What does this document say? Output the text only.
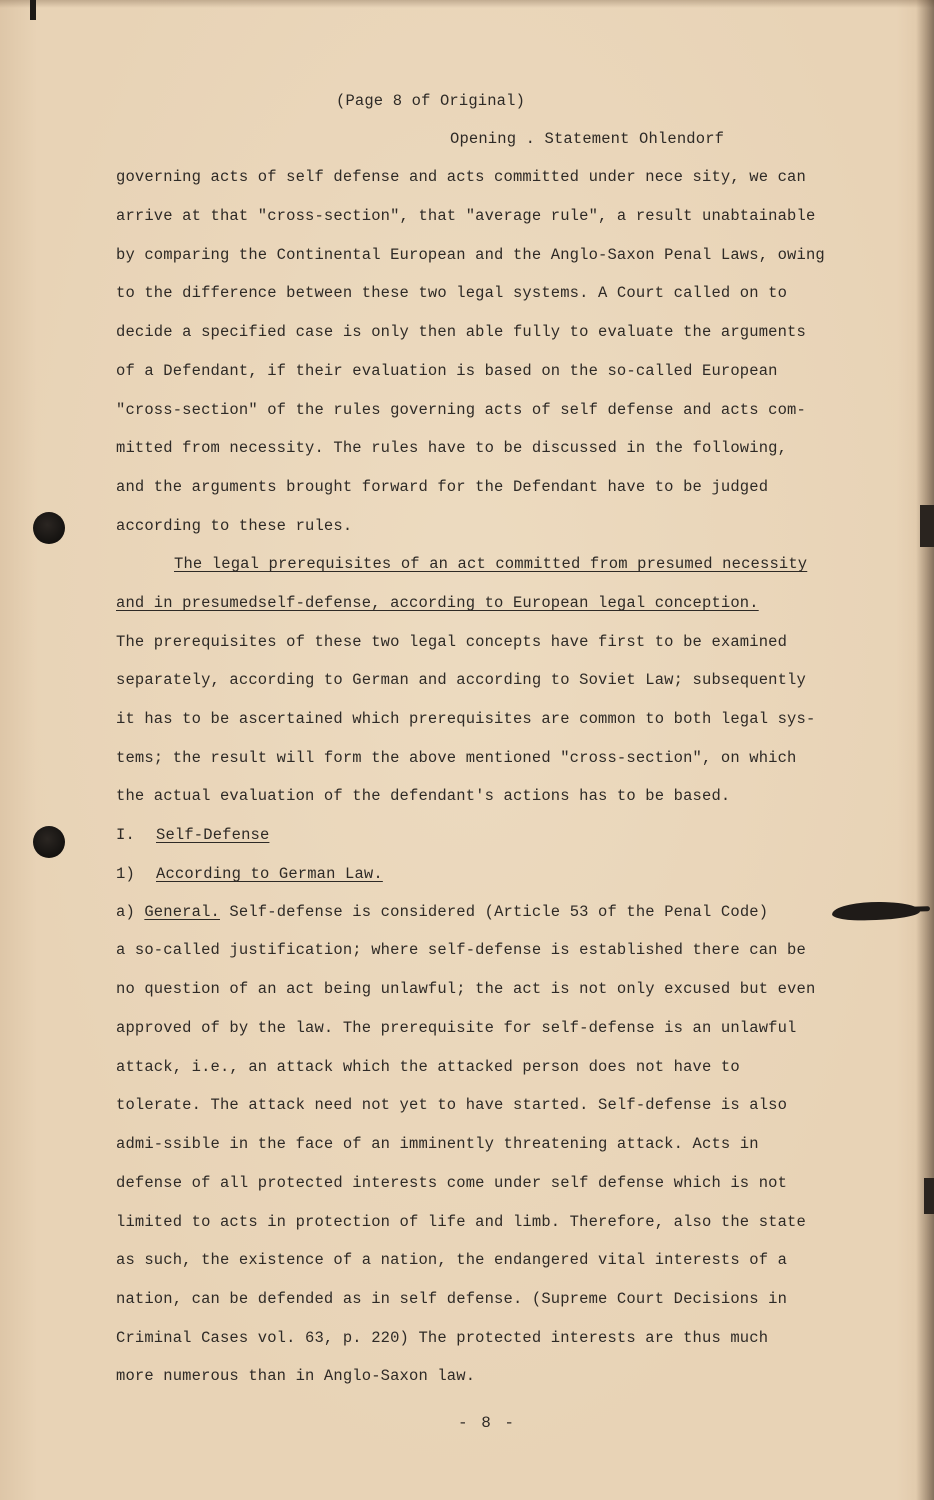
(Page 8 of Original)
Opening . Statement Ohlendorf
governing acts of self defense and acts committed under nece sity, we can
arrive at that "cross-section", that "average rule", a result unabtainable
by comparing the Continental European and the Anglo-Saxon Penal Laws, owing
to the difference between these two legal systems. A Court called on to
decide a specified case is only then able fully to evaluate the arguments
of a Defendant, if their evaluation is based on the so-called European
"cross-section" of the rules governing acts of self defense and acts com-
mitted from necessity. The rules have to be discussed in the following,
and the arguments brought forward for the Defendant have to be judged
according to these rules.
The legal prerequisites of an act committed from presumed necessity
and in presumedself-defense, according to European legal conception.
The prerequisites of these two legal concepts have first to be examined
separately, according to German and according to Soviet Law; subsequently
it has to be ascertained which prerequisites are common to both legal sys-
tems; the result will form the above mentioned "cross-section", on which
the actual evaluation of the defendant's actions has to be based.
I. Self-Defense
1) According to German Law.
a) General. Self-defense is considered (Article 53 of the Penal Code)
a so-called justification; where self-defense is established there can be
no question of an act being unlawful; the act is not only excused but even
approved of by the law. The prerequisite for self-defense is an unlawful
attack, i.e., an attack which the attacked person does not have to
tolerate. The attack need not yet to have started. Self-defense is also
admi-ssible in the face of an imminently threatening attack. Acts in
defense of all protected interests come under self defense which is not
limited to acts in protection of life and limb. Therefore, also the state
as such, the existence of a nation, the endangered vital interests of a
nation, can be defended as in self defense. (Supreme Court Decisions in
Criminal Cases vol. 63, p. 220) The protected interests are thus much
more numerous than in Anglo-Saxon law.
- 8 -
